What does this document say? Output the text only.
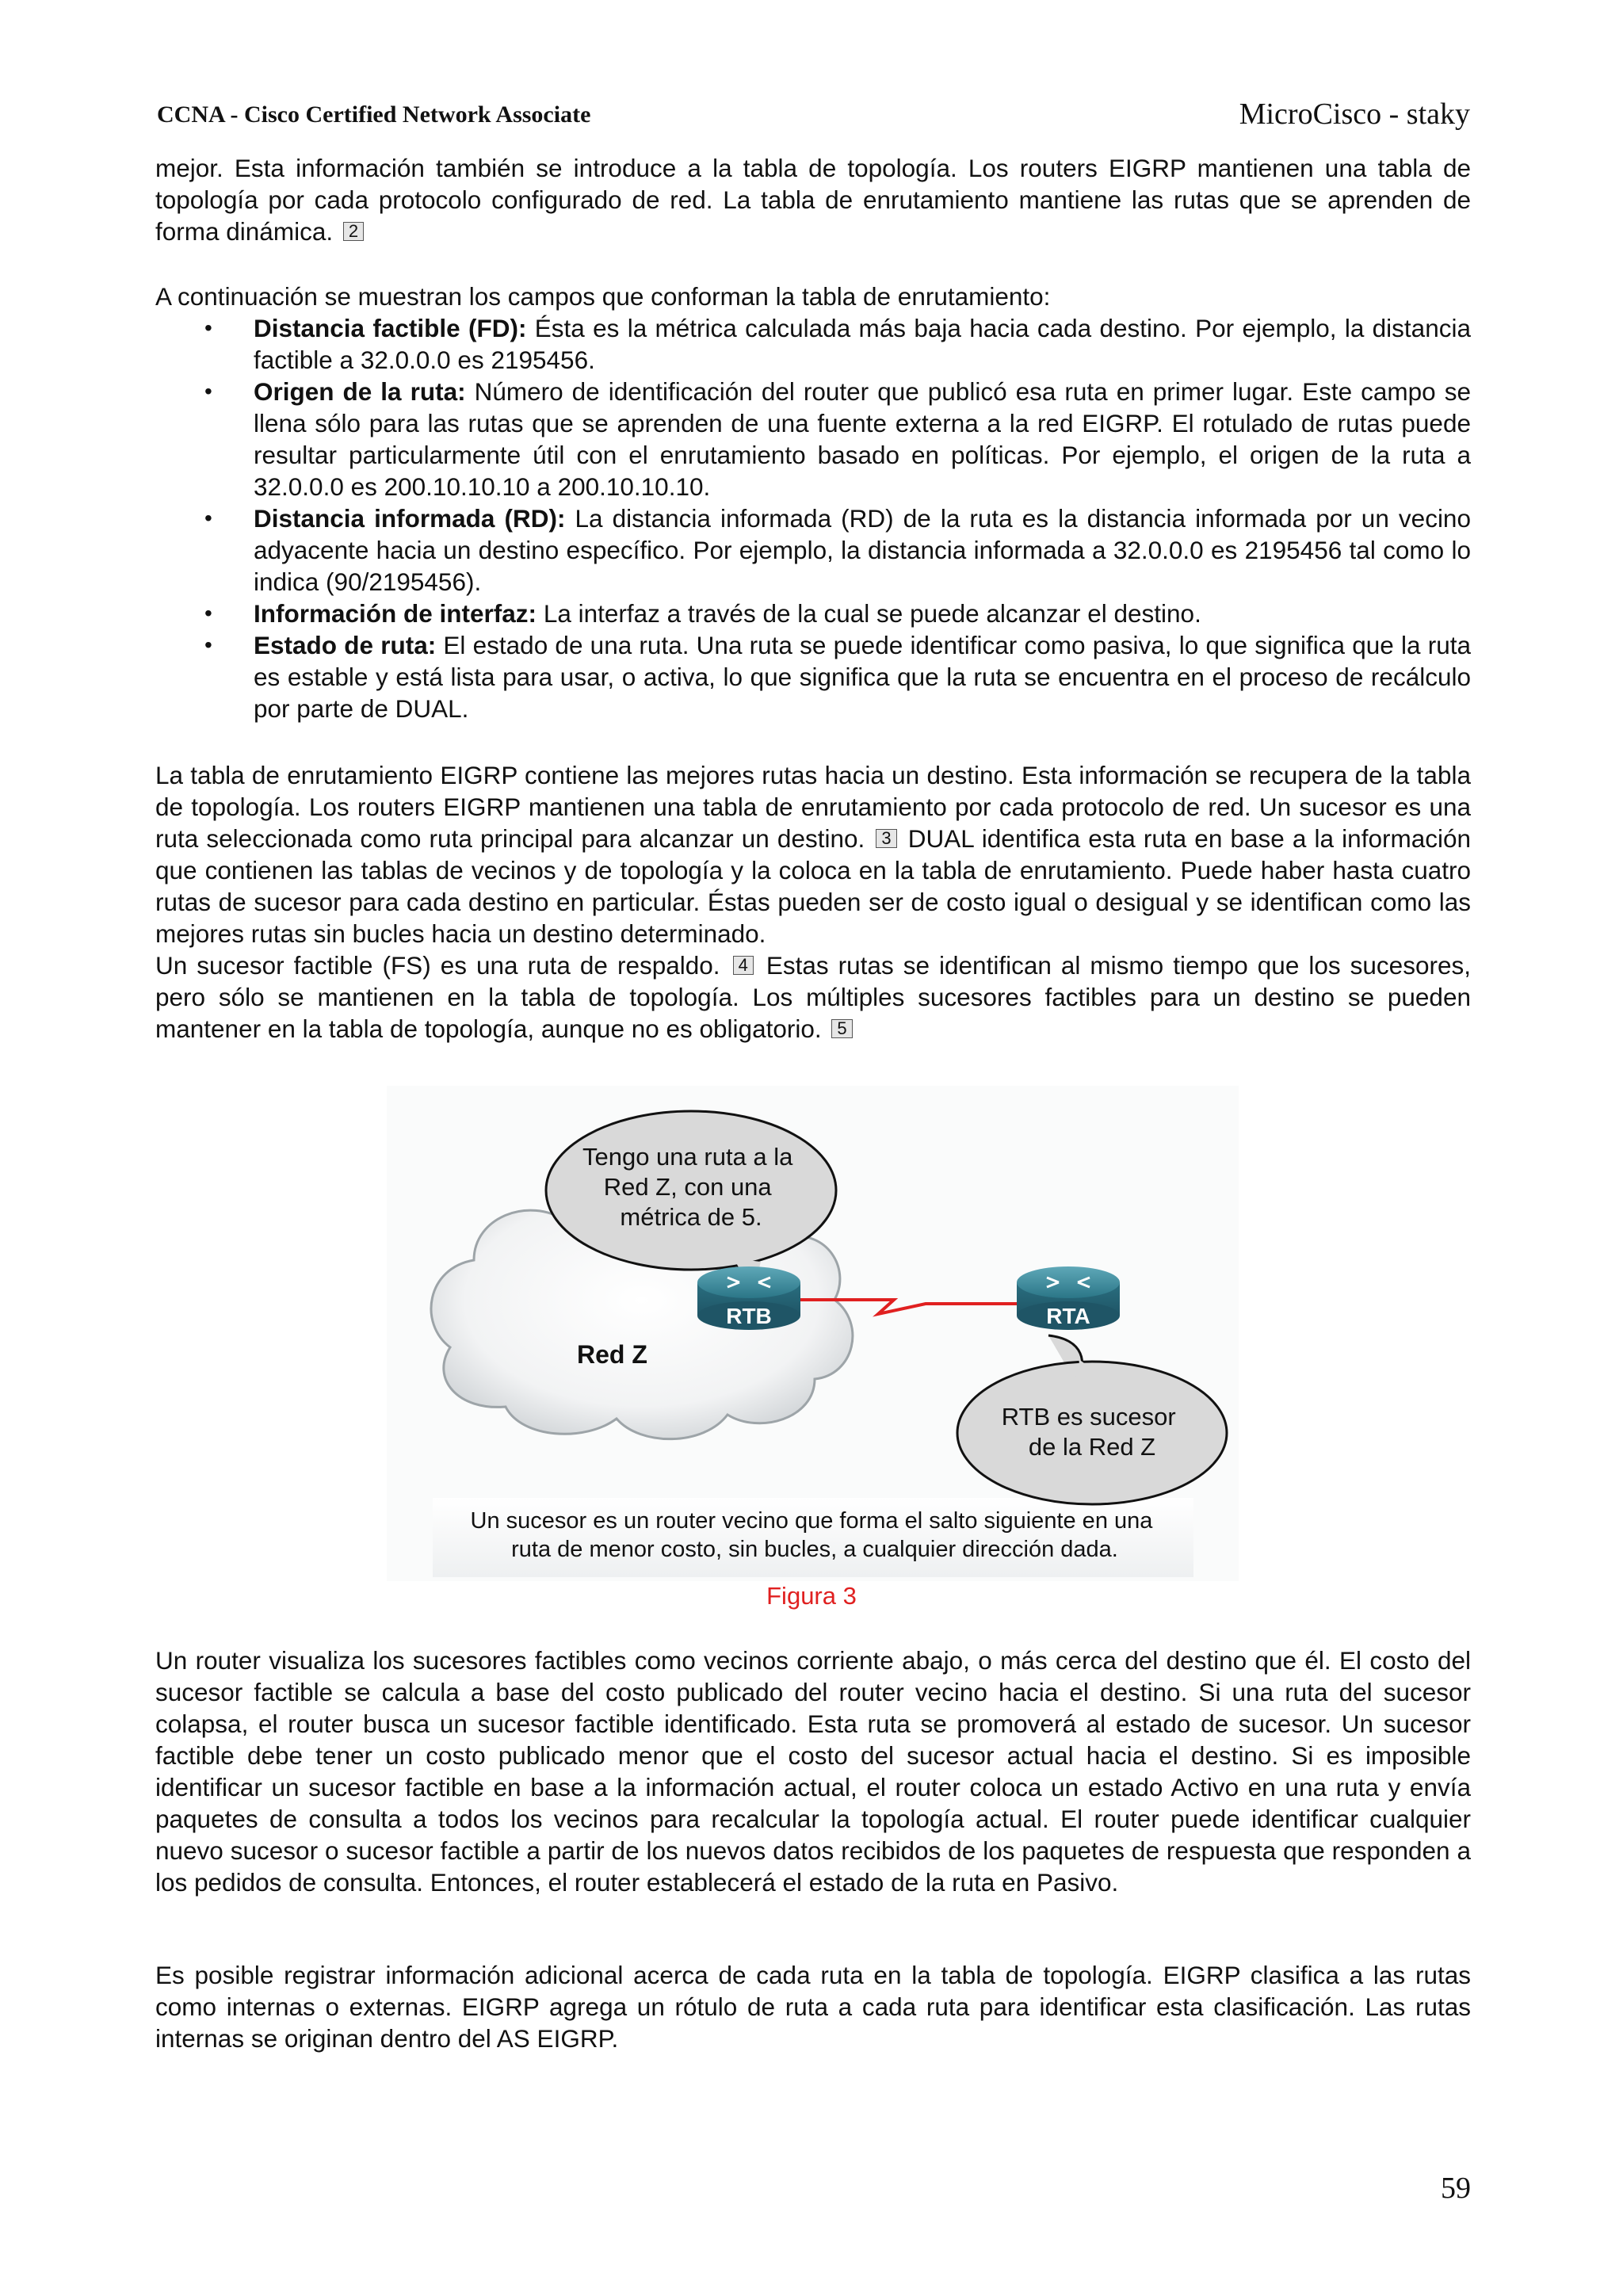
CCNA - Cisco Certified Network Associate	MicroCisco - staky

mejor. Esta información también se introduce a la tabla de topología. Los routers EIGRP mantienen una tabla de topología por cada protocolo configurado de red. La tabla de enrutamiento mantiene las rutas que se aprenden de forma dinámica. 2

A continuación se muestran los campos que conforman la tabla de enrutamiento:

• Distancia factible (FD): Ésta es la métrica calculada más baja hacia cada destino. Por ejemplo, la distancia factible a 32.0.0.0 es 2195456.
• Origen de la ruta: Número de identificación del router que publicó esa ruta en primer lugar. Este campo se llena sólo para las rutas que se aprenden de una fuente externa a la red EIGRP. El rotulado de rutas puede resultar particularmente útil con el enrutamiento basado en políticas. Por ejemplo, el origen de la ruta a 32.0.0.0 es 200.10.10.10 a 200.10.10.10.
• Distancia informada (RD): La distancia informada (RD) de la ruta es la distancia informada por un vecino adyacente hacia un destino específico. Por ejemplo, la distancia informada a 32.0.0.0 es 2195456 tal como lo indica (90/2195456).
• Información de interfaz: La interfaz a través de la cual se puede alcanzar el destino.
• Estado de ruta: El estado de una ruta. Una ruta se puede identificar como pasiva, lo que significa que la ruta es estable y está lista para usar, o activa, lo que significa que la ruta se encuentra en el proceso de recálculo por parte de DUAL.

La tabla de enrutamiento EIGRP contiene las mejores rutas hacia un destino. Esta información se recupera de la tabla de topología. Los routers EIGRP mantienen una tabla de enrutamiento por cada protocolo de red. Un sucesor es una ruta seleccionada como ruta principal para alcanzar un destino. 3 DUAL identifica esta ruta en base a la información que contienen las tablas de vecinos y de topología y la coloca en la tabla de enrutamiento. Puede haber hasta cuatro rutas de sucesor para cada destino en particular. Éstas pueden ser de costo igual o desigual y se identifican como las mejores rutas sin bucles hacia un destino determinado.
Un sucesor factible (FS) es una ruta de respaldo. 4 Estas rutas se identifican al mismo tiempo que los sucesores, pero sólo se mantienen en la tabla de topología. Los múltiples sucesores factibles para un destino se pueden mantener en la tabla de topología, aunque no es obligatorio. 5

Red Z
Tengo una ruta a la Red Z, con una métrica de 5.
RTB es sucesor de la Red Z
RTB	RTA
Un sucesor es un router vecino que forma el salto siguiente en una ruta de menor costo, sin bucles, a cualquier dirección dada.
Figura 3

Un router visualiza los sucesores factibles como vecinos corriente abajo, o más cerca del destino que él. El costo del sucesor factible se calcula a base del costo publicado del router vecino hacia el destino. Si una ruta del sucesor colapsa, el router busca un sucesor factible identificado. Esta ruta se promoverá al estado de sucesor. Un sucesor factible debe tener un costo publicado menor que el costo del sucesor actual hacia el destino. Si es imposible identificar un sucesor factible en base a la información actual, el router coloca un estado Activo en una ruta y envía paquetes de consulta a todos los vecinos para recalcular la topología actual. El router puede identificar cualquier nuevo sucesor o sucesor factible a partir de los nuevos datos recibidos de los paquetes de respuesta que responden a los pedidos de consulta. Entonces, el router establecerá el estado de la ruta en Pasivo.

Es posible registrar información adicional acerca de cada ruta en la tabla de topología. EIGRP clasifica a las rutas como internas o externas. EIGRP agrega un rótulo de ruta a cada ruta para identificar esta clasificación. Las rutas internas se originan dentro del AS EIGRP.

59
